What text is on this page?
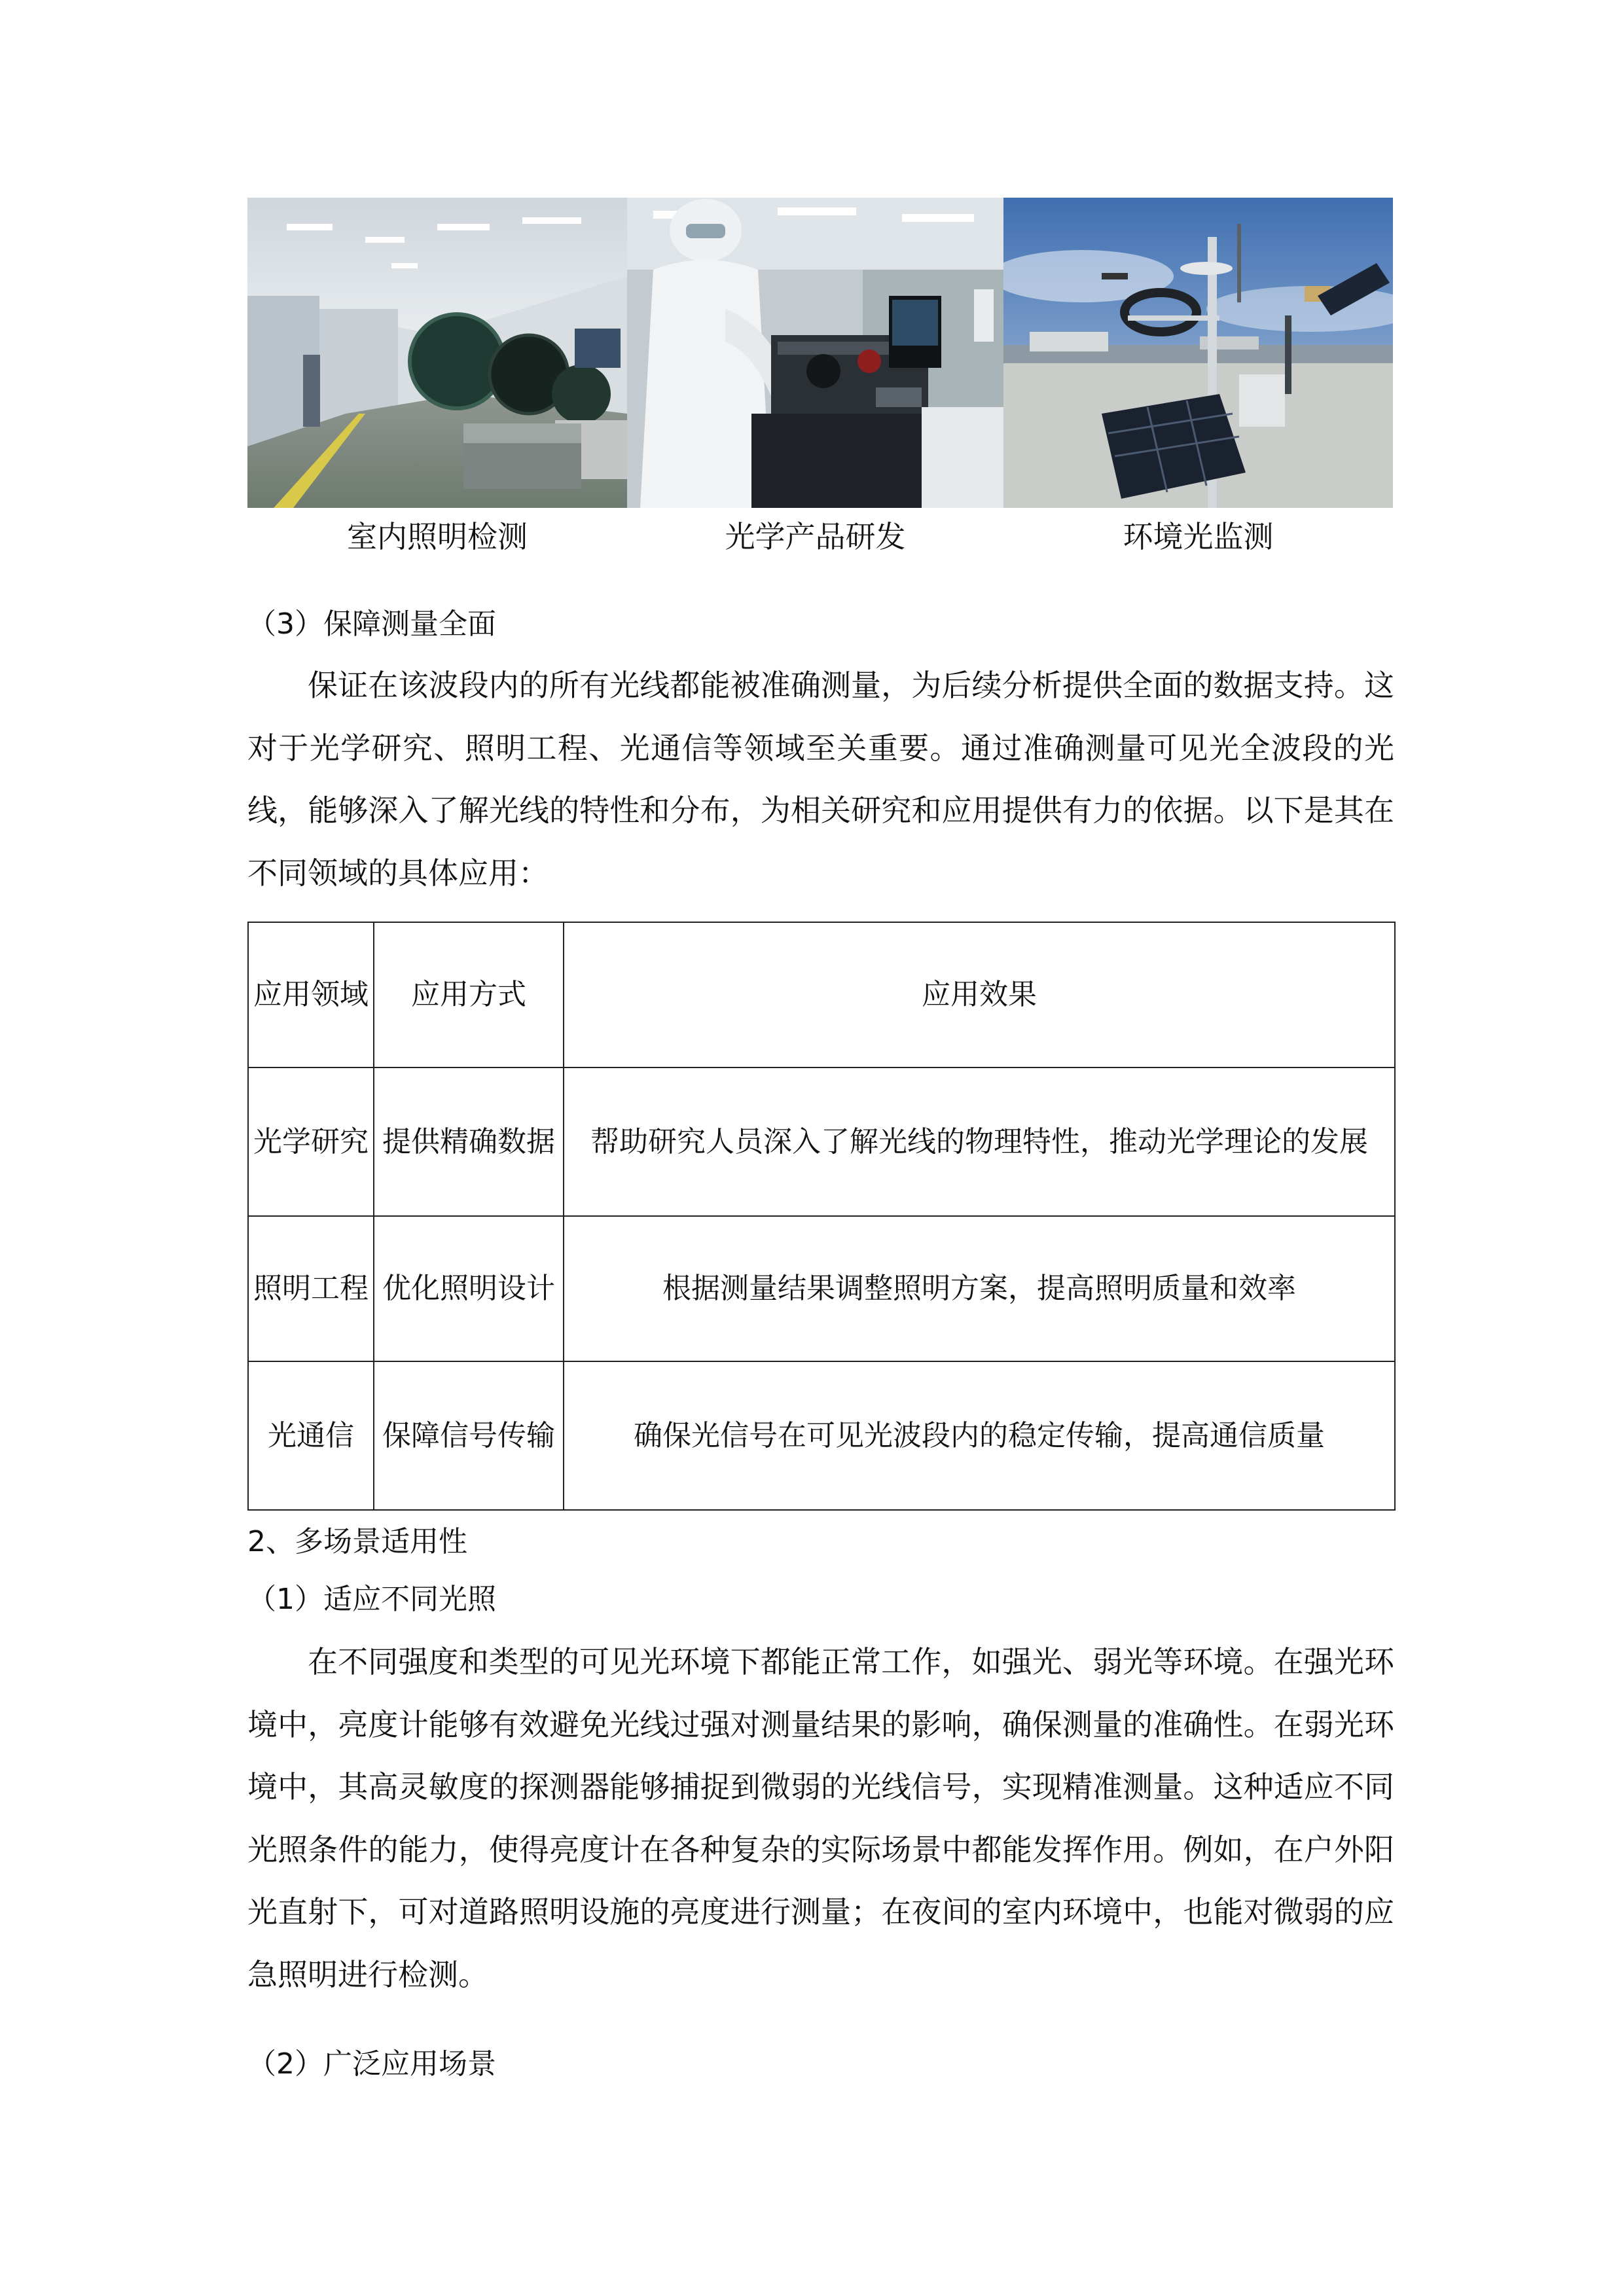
室内照明检测	光学产品研发	环境光监测
（3）保障测量全面
保证在该波段内的所有光线都能被准确测量，为后续分析提供全面的数据支持。这对于光学研究、照明工程、光通信等领域至关重要。通过准确测量可见光全波段的光线，能够深入了解光线的特性和分布，为相关研究和应用提供有力的依据。以下是其在不同领域的具体应用：
应用领域	应用方式	应用效果
光学研究	提供精确数据	帮助研究人员深入了解光线的物理特性，推动光学理论的发展
照明工程	优化照明设计	根据测量结果调整照明方案，提高照明质量和效率
光通信	保障信号传输	确保光信号在可见光波段内的稳定传输，提高通信质量
2、多场景适用性
（1）适应不同光照
在不同强度和类型的可见光环境下都能正常工作，如强光、弱光等环境。在强光环境中，亮度计能够有效避免光线过强对测量结果的影响，确保测量的准确性。在弱光环境中，其高灵敏度的探测器能够捕捉到微弱的光线信号，实现精准测量。这种适应不同光照条件的能力，使得亮度计在各种复杂的实际场景中都能发挥作用。例如，在户外阳光直射下，可对道路照明设施的亮度进行测量；在夜间的室内环境中，也能对微弱的应急照明进行检测。
（2）广泛应用场景
